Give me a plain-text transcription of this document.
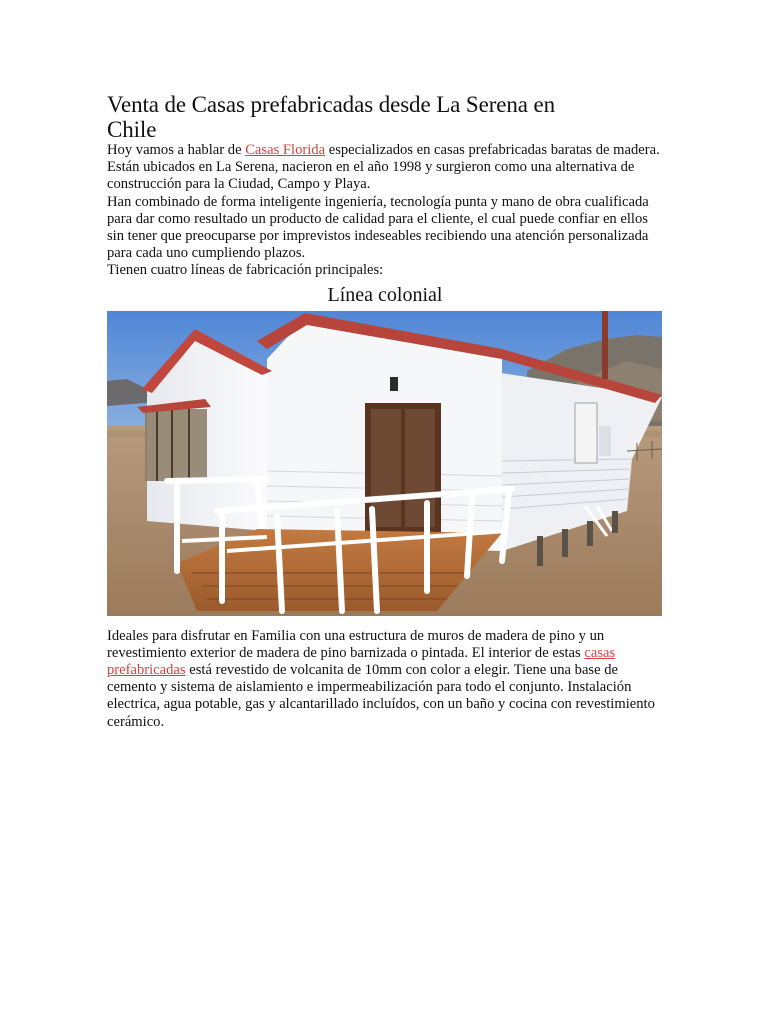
Venta de Casas prefabricadas desde La Serena en Chile

Hoy vamos a hablar de Casas Florida especializados en casas prefabricadas baratas de madera. Están ubicados en La Serena, nacieron en el año 1998 y surgieron como una alternativa de construcción para la Ciudad, Campo y Playa.

Han combinado de forma inteligente ingeniería, tecnología punta y mano de obra cualificada para dar como resultado un producto de calidad para el cliente, el cual puede confiar en ellos sin tener que preocuparse por imprevistos indeseables recibiendo una atención personalizada para cada uno cumpliendo plazos.

Tienen cuatro líneas de fabricación principales:

Línea colonial

Ideales para disfrutar en Familia con una estructura de muros de madera de pino y un revestimiento exterior de madera de pino barnizada o pintada. El interior de estas casas prefabricadas está revestido de volcanita de 10mm con color a elegir. Tiene una base de cemento y sistema de aislamiento e impermeabilización para todo el conjunto. Instalación electrica, agua potable, gas y alcantarillado incluídos, con un baño y cocina con revestimiento cerámico.
